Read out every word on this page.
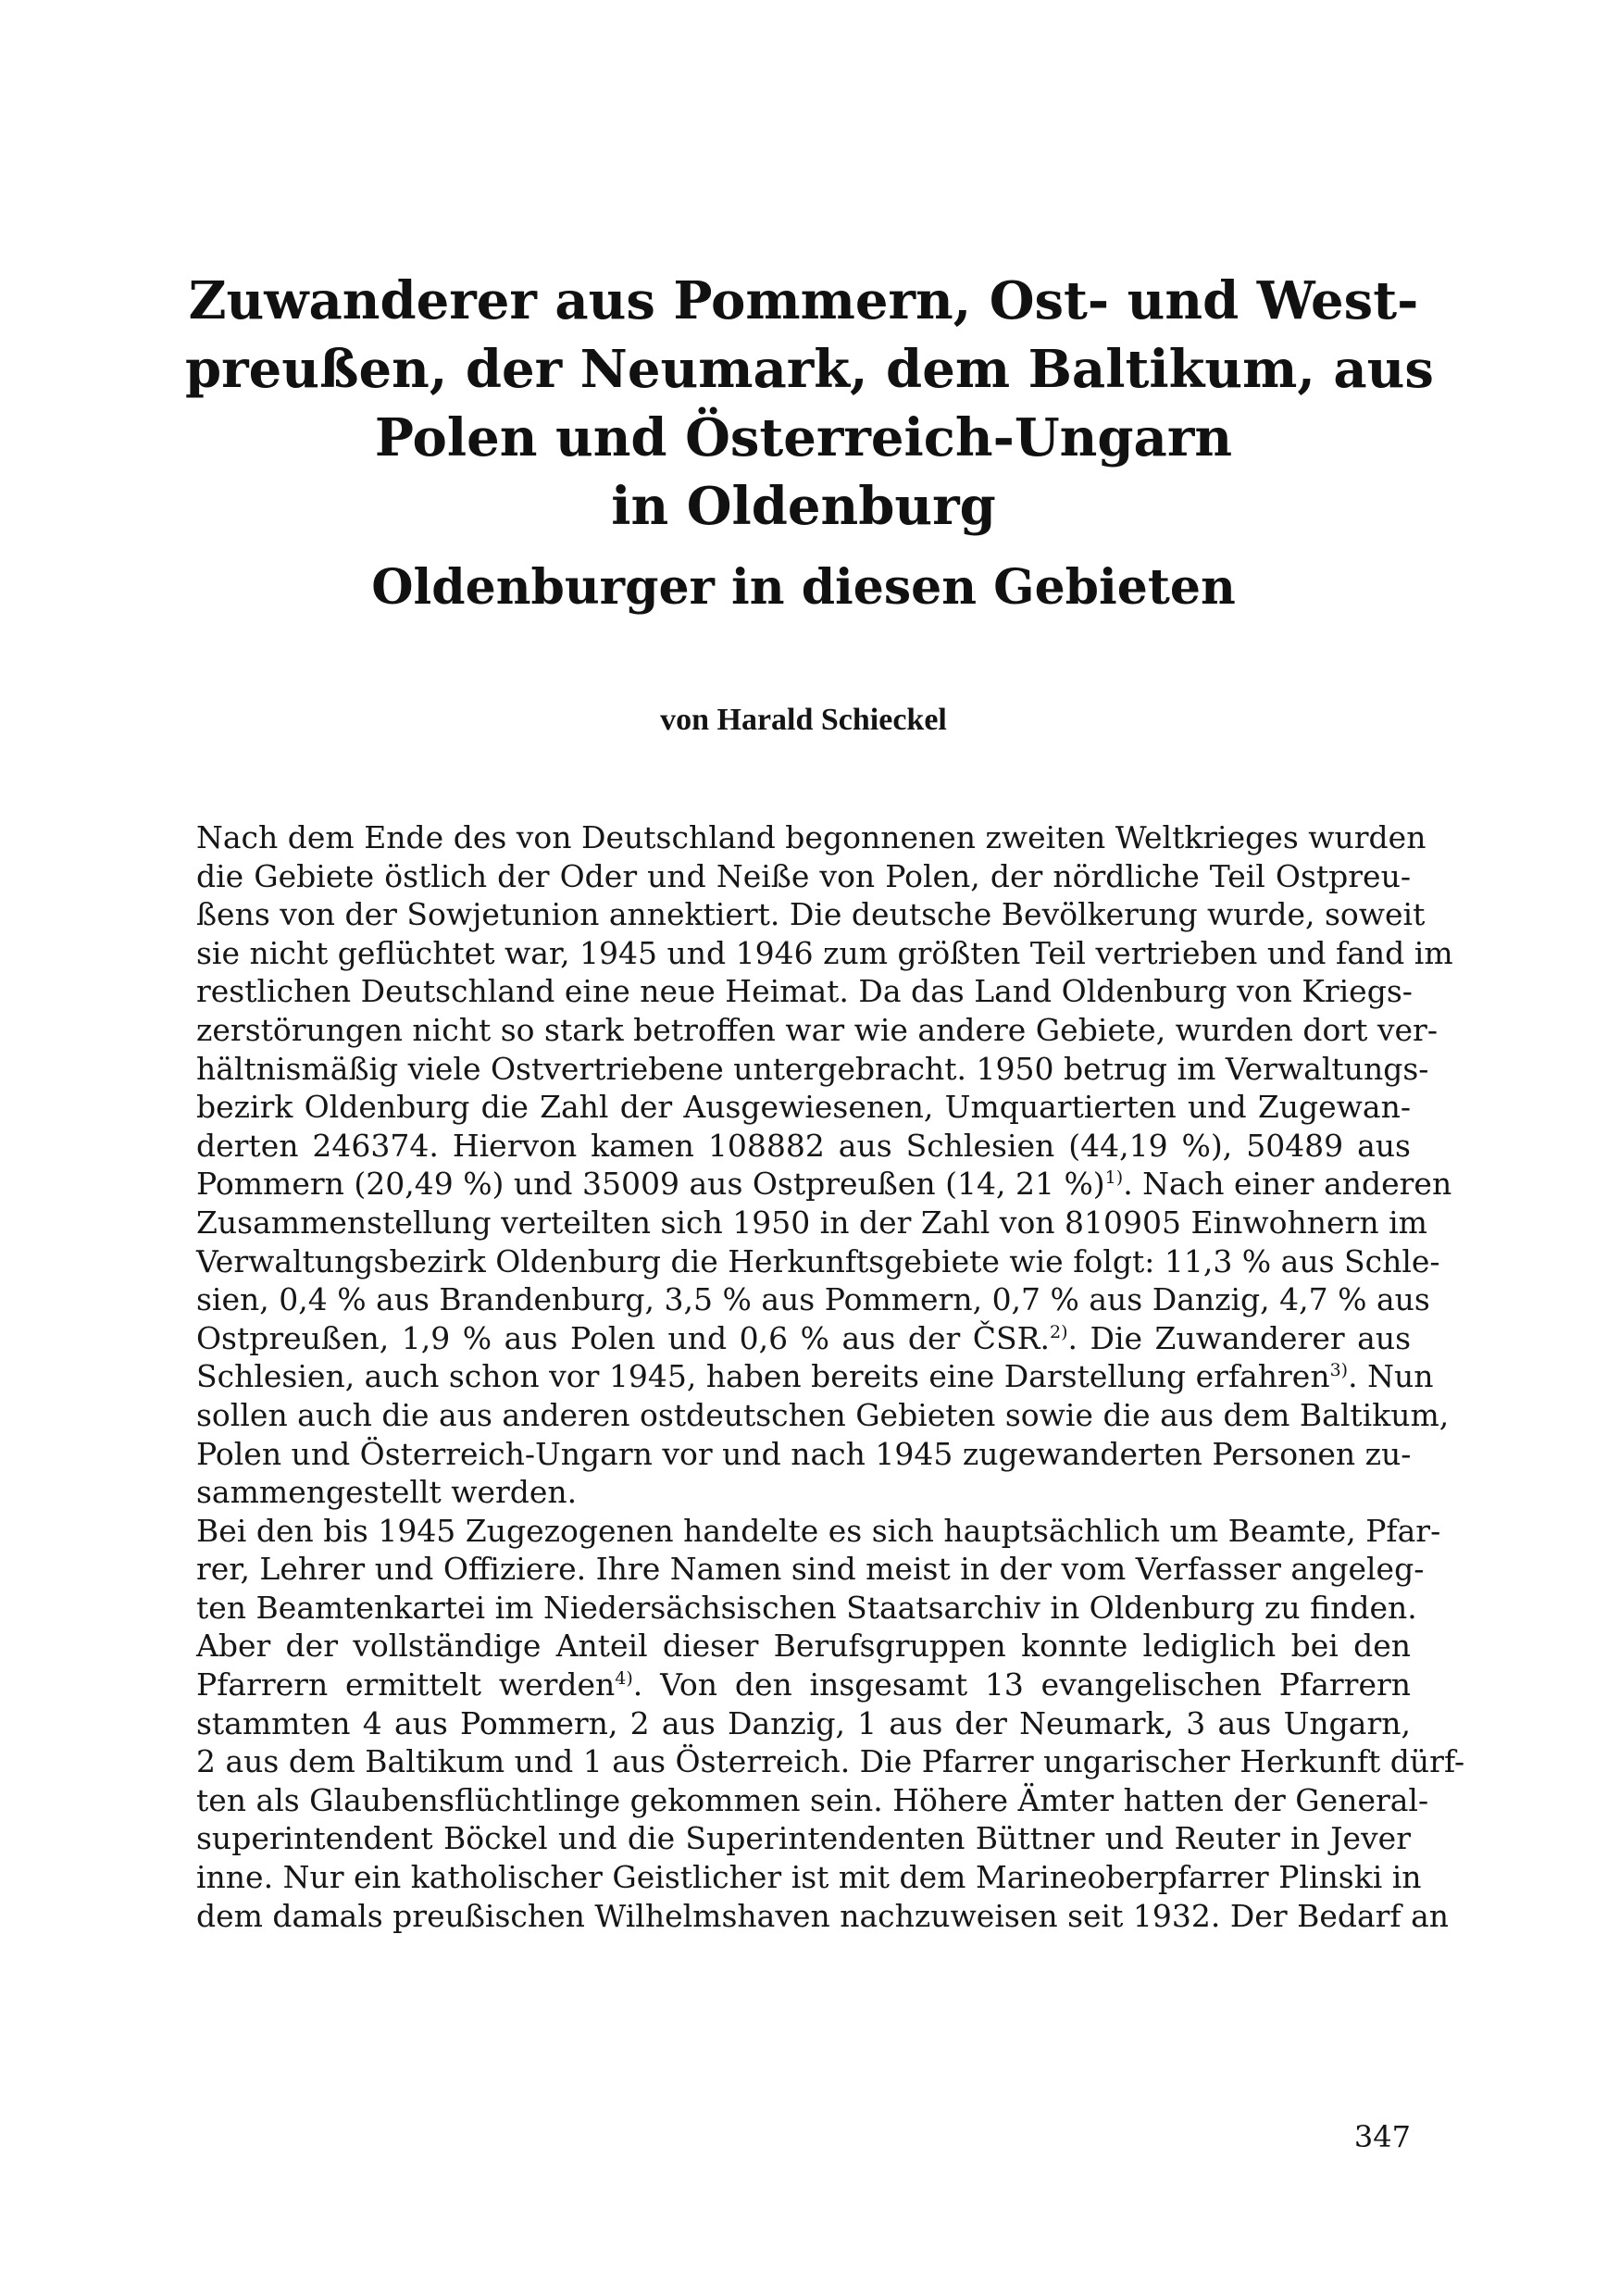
Zuwanderer aus Pommern, Ost- und West-
preußen, der Neumark, dem Baltikum, aus
Polen und Österreich-Ungarn
in Oldenburg
Oldenburger in diesen Gebieten
von Harald Schieckel
Nach dem Ende des von Deutschland begonnenen zweiten Weltkrieges wurden
die Gebiete östlich der Oder und Neiße von Polen, der nördliche Teil Ostpreu-
ßens von der Sowjetunion annektiert. Die deutsche Bevölkerung wurde, soweit
sie nicht geflüchtet war, 1945 und 1946 zum größten Teil vertrieben und fand im
restlichen Deutschland eine neue Heimat. Da das Land Oldenburg von Kriegs-
zerstörungen nicht so stark betroffen war wie andere Gebiete, wurden dort ver-
hältnismäßig viele Ostvertriebene untergebracht. 1950 betrug im Verwaltungs-
bezirk Oldenburg die Zahl der Ausgewiesenen, Umquartierten und Zugewan-
derten 246374. Hiervon kamen 108882 aus Schlesien (44,19 %), 50489 aus
Pommern (20,49 %) und 35009 aus Ostpreußen (14, 21 %)$^{1)}$. Nach einer anderen
Zusammenstellung verteilten sich 1950 in der Zahl von 810905 Einwohnern im
Verwaltungsbezirk Oldenburg die Herkunftsgebiete wie folgt: 11,3 % aus Schle-
sien, 0,4 % aus Brandenburg, 3,5 % aus Pommern, 0,7 % aus Danzig, 4,7 % aus
Ostpreußen, 1,9 % aus Polen und 0,6 % aus der ČSR.$^{2)}$. Die Zuwanderer aus
Schlesien, auch schon vor 1945, haben bereits eine Darstellung erfahren$^{3)}$. Nun
sollen auch die aus anderen ostdeutschen Gebieten sowie die aus dem Baltikum,
Polen und Österreich-Ungarn vor und nach 1945 zugewanderten Personen zu-
sammengestellt werden.
Bei den bis 1945 Zugezogenen handelte es sich hauptsächlich um Beamte, Pfar-
rer, Lehrer und Offiziere. Ihre Namen sind meist in der vom Verfasser angeleg-
ten Beamtenkartei im Niedersächsischen Staatsarchiv in Oldenburg zu finden.
Aber der vollständige Anteil dieser Berufsgruppen konnte lediglich bei den
Pfarrern ermittelt werden$^{4)}$. Von den insgesamt 13 evangelischen Pfarrern
stammten 4 aus Pommern, 2 aus Danzig, 1 aus der Neumark, 3 aus Ungarn,
2 aus dem Baltikum und 1 aus Österreich. Die Pfarrer ungarischer Herkunft dürf-
ten als Glaubensflüchtlinge gekommen sein. Höhere Ämter hatten der General-
superintendent Böckel und die Superintendenten Büttner und Reuter in Jever
inne. Nur ein katholischer Geistlicher ist mit dem Marineoberpfarrer Plinski in
dem damals preußischen Wilhelmshaven nachzuweisen seit 1932. Der Bedarf an
347
